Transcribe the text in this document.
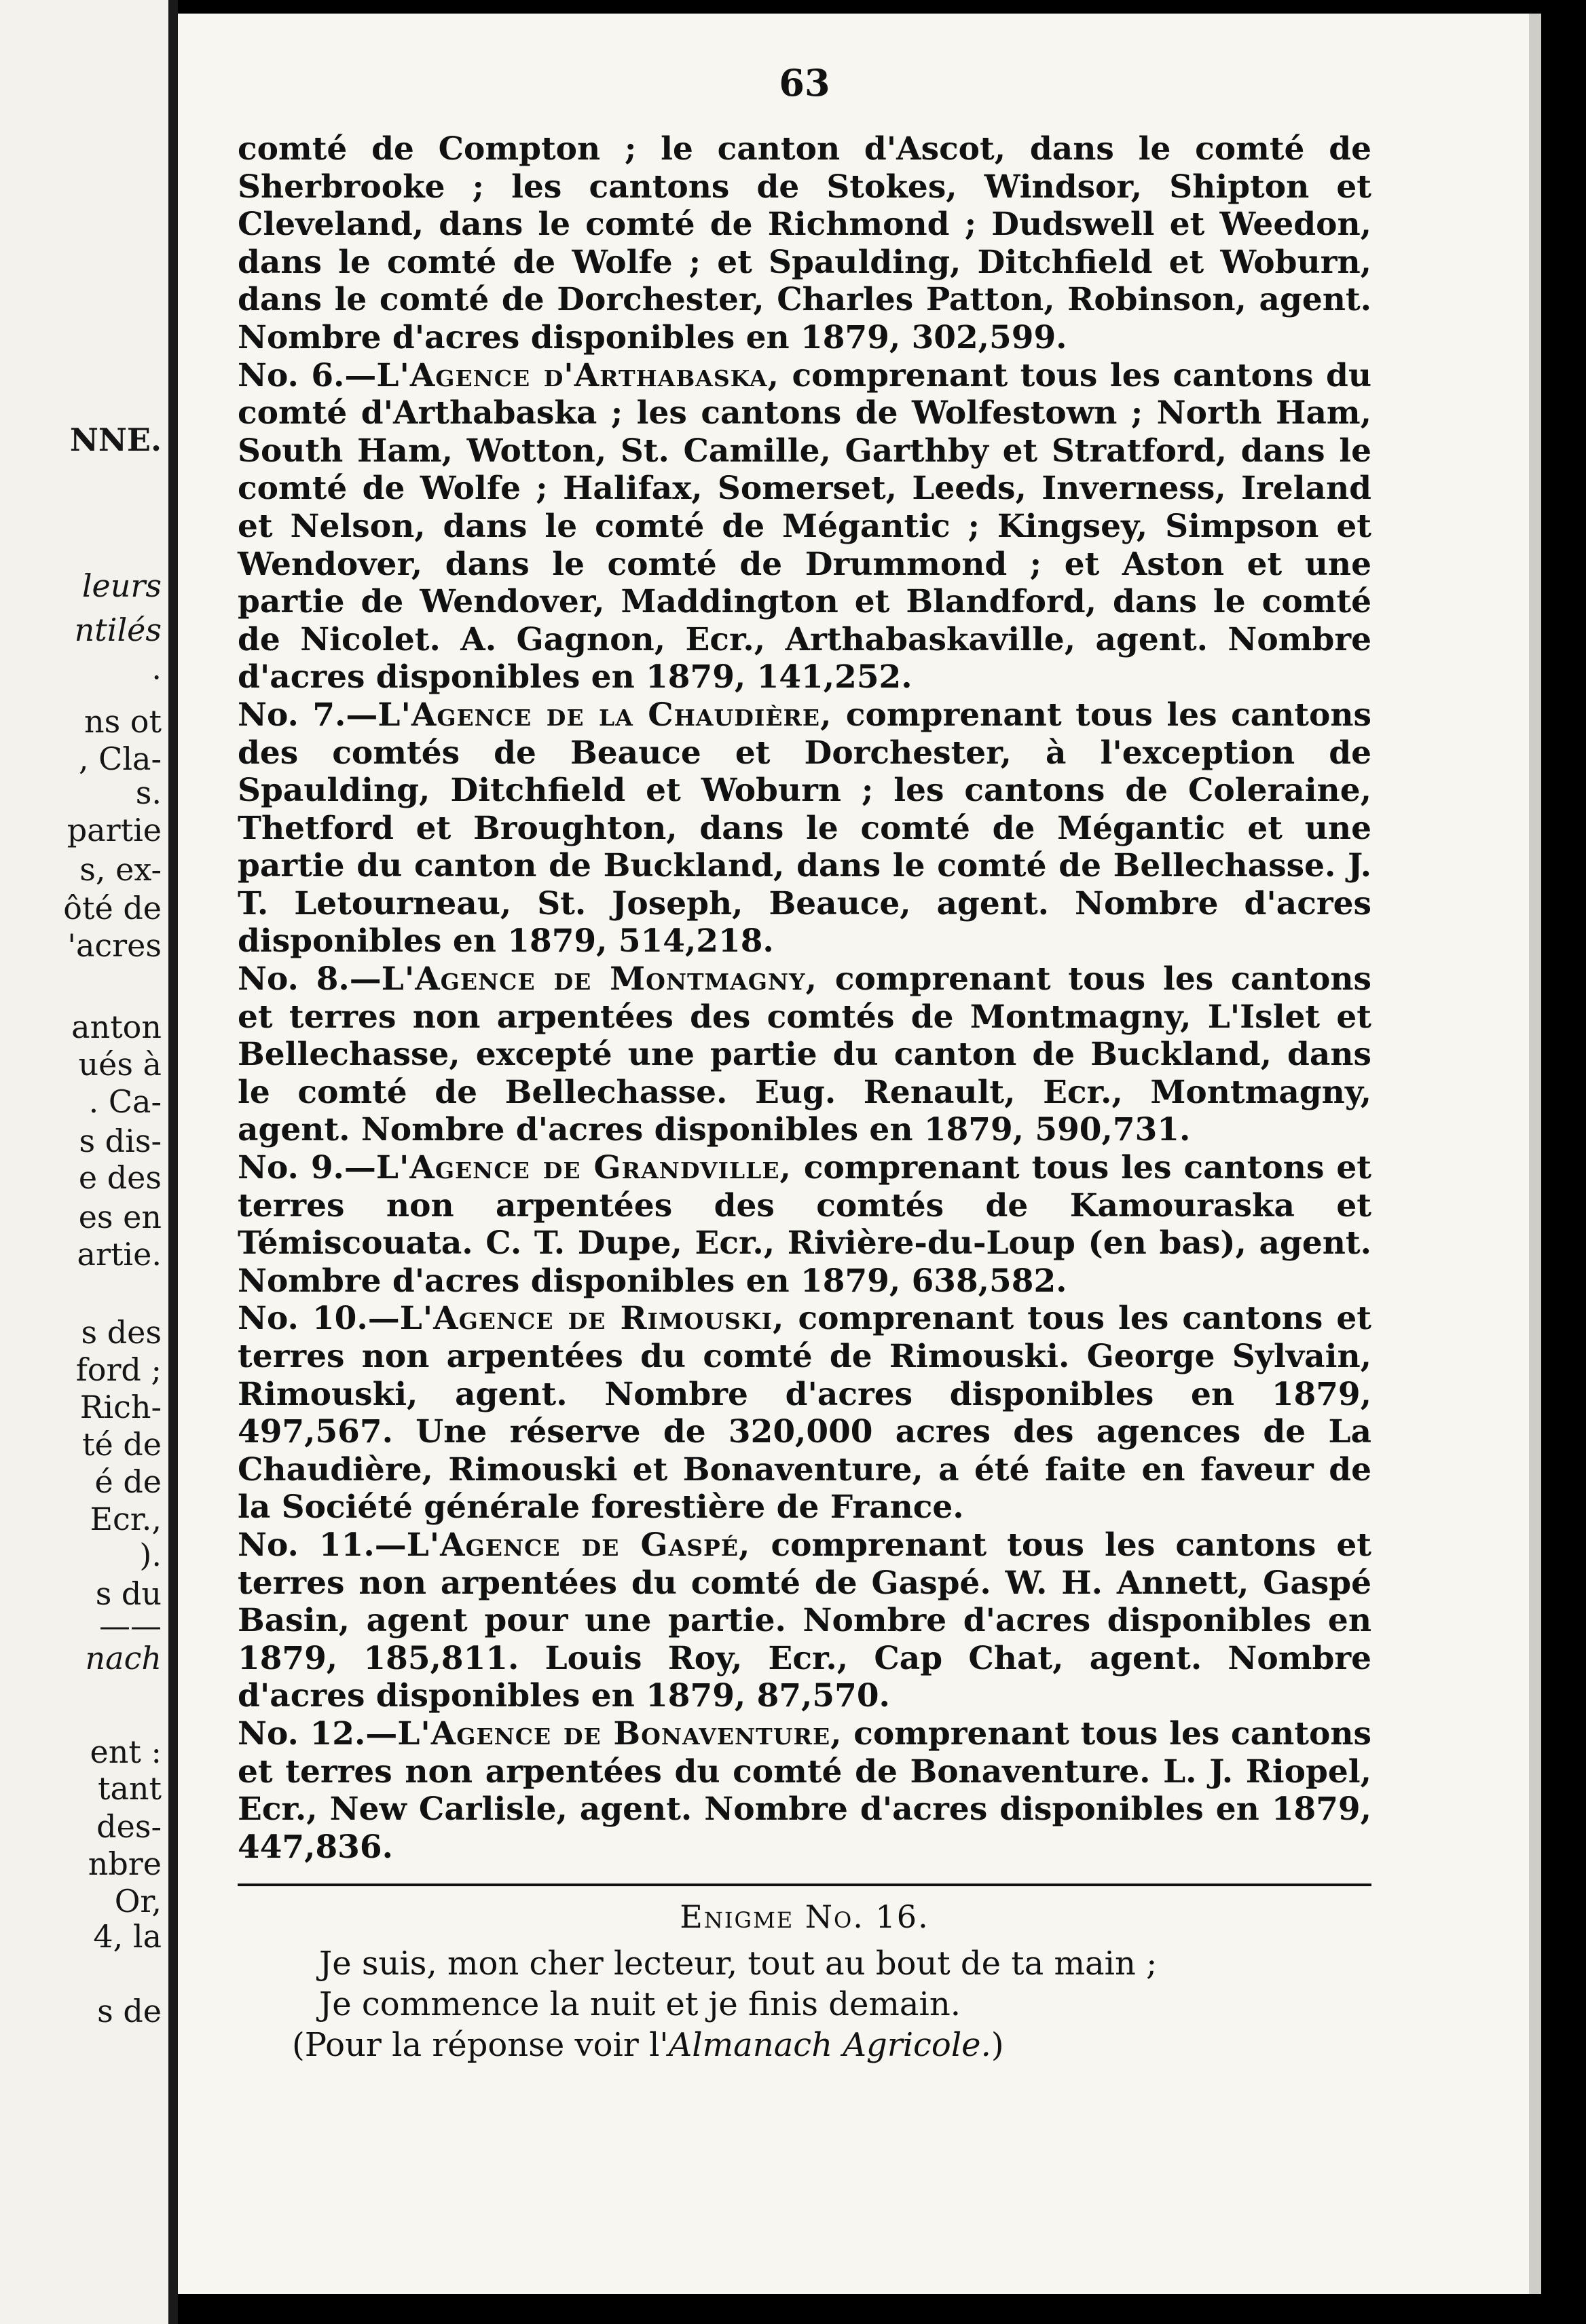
NNE.
leurs
ntilés
·
ns ot
, Cla-
s.
partie
s, ex-
ôté de
'acres
anton
ués à
. Ca-
s dis-
e des
es en
artie.
s des
ford ;
Rich-
té de
é de
Ecr.,
).
s du
——
nach
ent :
tant
des-
nbre
Or,
4, la
s de
63

comté de Compton ; le canton d'Ascot, dans le comté de Sherbrooke ; les cantons de Stokes, Windsor, Shipton et Cleveland, dans le comté de Richmond ; Dudswell et Weedon, dans le comté de Wolfe ; et Spaulding, Ditchfield et Woburn, dans le comté de Dorchester, Charles Patton, Robinson, agent. Nombre d'acres disponibles en 1879, 302,599.

No. 6.—L'Agence d'Arthabaska, comprenant tous les cantons du comté d'Arthabaska ; les cantons de Wolfestown ; North Ham, South Ham, Wotton, St. Camille, Garthby et Stratford, dans le comté de Wolfe ; Halifax, Somerset, Leeds, Inverness, Ireland et Nelson, dans le comté de Mégantic ; Kingsey, Simpson et Wendover, dans le comté de Drummond ; et Aston et une partie de Wendover, Maddington et Blandford, dans le comté de Nicolet. A. Gagnon, Ecr., Arthabaskaville, agent. Nombre d'acres disponibles en 1879, 141,252.

No. 7.—L'Agence de la Chaudière, comprenant tous les cantons des comtés de Beauce et Dorchester, à l'exception de Spaulding, Ditchfield et Woburn ; les cantons de Coleraine, Thetford et Broughton, dans le comté de Mégantic et une partie du canton de Buckland, dans le comté de Bellechasse. J. T. Letourneau, St. Joseph, Beauce, agent. Nombre d'acres disponibles en 1879, 514,218.

No. 8.—L'Agence de Montmagny, comprenant tous les cantons et terres non arpentées des comtés de Montmagny, L'Islet et Bellechasse, excepté une partie du canton de Buckland, dans le comté de Bellechasse. Eug. Renault, Ecr., Montmagny, agent. Nombre d'acres disponibles en 1879, 590,731.

No. 9.—L'Agence de Grandville, comprenant tous les cantons et terres non arpentées des comtés de Kamouraska et Témiscouata. C. T. Dupe, Ecr., Rivière-du-Loup (en bas), agent. Nombre d'acres disponibles en 1879, 638,582.

No. 10.—L'Agence de Rimouski, comprenant tous les cantons et terres non arpentées du comté de Rimouski. George Sylvain, Rimouski, agent. Nombre d'acres disponibles en 1879, 497,567. Une réserve de 320,000 acres des agences de La Chaudière, Rimouski et Bonaventure, a été faite en faveur de la Société générale forestière de France.

No. 11.—L'Agence de Gaspé, comprenant tous les cantons et terres non arpentées du comté de Gaspé. W. H. Annett, Gaspé Basin, agent pour une partie. Nombre d'acres disponibles en 1879, 185,811. Louis Roy, Ecr., Cap Chat, agent. Nombre d'acres disponibles en 1879, 87,570.

No. 12.—L'Agence de Bonaventure, comprenant tous les cantons et terres non arpentées du comté de Bonaventure. L. J. Riopel, Ecr., New Carlisle, agent. Nombre d'acres disponibles en 1879, 447,836.

Enigme No. 16.
Je suis, mon cher lecteur, tout au bout de ta main ;
Je commence la nuit et je finis demain.
(Pour la réponse voir l'Almanach Agricole.)
